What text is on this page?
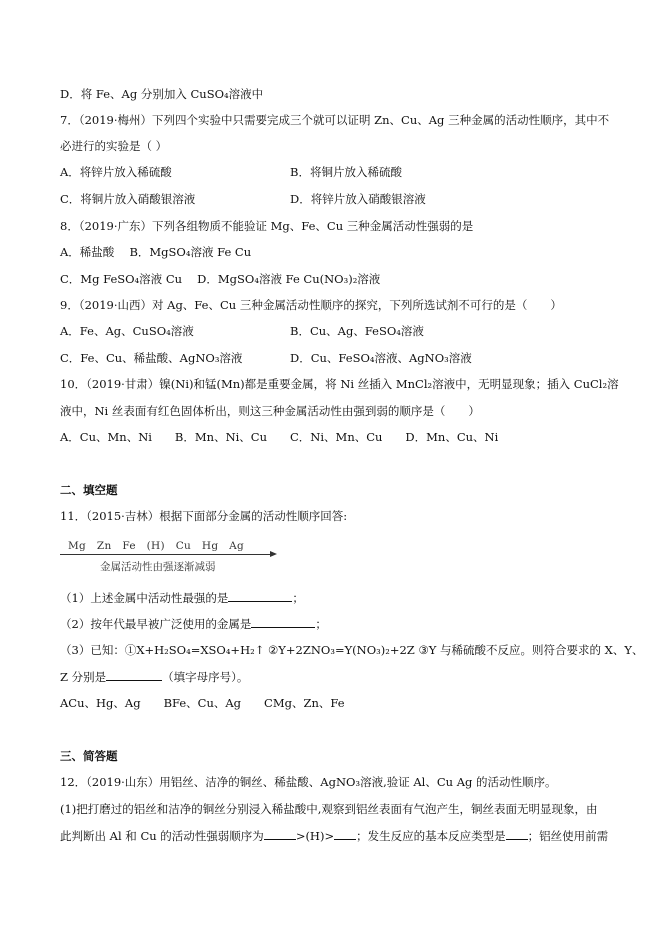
D．将 Fe、Ag 分别加入 CuSO₄溶液中
7．（2019·梅州）下列四个实验中只需要完成三个就可以证明 Zn、Cu、Ag 三种金属的活动性顺序，其中不
必进行的实验是（ ）
A．将锌片放入稀硫酸	B．将铜片放入稀硫酸
C．将铜片放入硝酸银溶液	D．将锌片放入硝酸银溶液
8．（2019·广东）下列各组物质不能验证 Mg、Fe、Cu 三种金属活动性强弱的是
A．稀盐酸　 B．MgSO₄溶液 Fe Cu
C．Mg FeSO₄溶液 Cu　 D．MgSO₄溶液 Fe Cu(NO₃)₂溶液
9．（2019·山西）对 Ag、Fe、Cu 三种金属活动性顺序的探究，下列所选试剂不可行的是（　　）
A．Fe、Ag、CuSO₄溶液	B．Cu、Ag、FeSO₄溶液
C．Fe、Cu、稀盐酸、AgNO₃溶液	D．Cu、FeSO₄溶液、AgNO₃溶液
10．（2019·甘肃）镍(Ni)和锰(Mn)都是重要金属，将 Ni 丝插入 MnCl₂溶液中，无明显现象；插入 CuCl₂溶
液中，Ni 丝表面有红色固体析出，则这三种金属活动性由强到弱的顺序是（　　）
A．Cu、Mn、Ni　　B．Mn、Ni、Cu　　C．Ni、Mn、Cu　　D．Mn、Cu、Ni
二、填空题
11．（2015·吉林）根据下面部分金属的活动性顺序回答:
Mg　Zn　Fe　(H)　Cu　Hg　Ag
金属活动性由强逐渐减弱
（1）上述金属中活动性最强的是	；
（2）按年代最早被广泛使用的金属是	；
（3）已知：①X+H₂SO₄=XSO₄+H₂↑ ②Y+2ZNO₃=Y(NO₃)₂+2Z ③Y 与稀硫酸不反应。则符合要求的 X、Y、
Z 分别是	（填字母序号）。
ACu、Hg、Ag　　BFe、Cu、Ag　　CMg、Zn、Fe
三、简答题
12．（2019·山东）用铝丝、洁净的铜丝、稀盐酸、AgNO₃溶液,验证 Al、Cu Ag 的活动性顺序。
(1)把打磨过的铝丝和洁净的铜丝分别浸入稀盐酸中,观察到铝丝表面有气泡产生，铜丝表面无明显现象，由
此判断出 Al 和 Cu 的活动性强弱顺序为	>(H)> ；发生反应的基本反应类型是 ；铝丝使用前需
